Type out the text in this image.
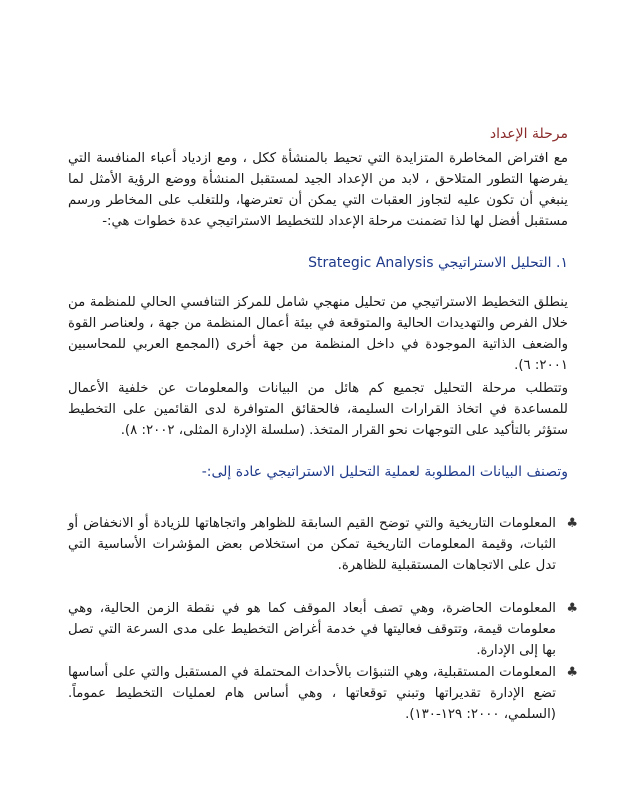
مرحلة الإعداد
مع افتراض المخاطرة المتزايدة التي تحيط بالمنشأة ككل ، ومع ازدياد أعباء المنافسة التي يفرضها التطور المتلاحق ، لابد من الإعداد الجيد لمستقبل المنشأة ووضع الرؤية الأمثل لما ينبغي أن تكون عليه لتجاوز العقبات التي يمكن أن تعترضها، وللتغلب على المخاطر ورسم مستقبل أفضل لها لذا تضمنت مرحلة الإعداد للتخطيط الاستراتيجي عدة خطوات هي:-
١. التحليل الاستراتيجي Strategic Analysis
ينطلق التخطيط الاستراتيجي من تحليل منهجي شامل للمركز التنافسي الحالي للمنظمة من خلال الفرص والتهديدات الحالية والمتوقعة في بيئة أعمال المنظمة من جهة ، ولعناصر القوة والضعف الذاتية الموجودة في داخل المنظمة من جهة أخرى (المجمع العربي للمحاسبين ٢٠٠١: ٦).
وتتطلب مرحلة التحليل تجميع كم هائل من البيانات والمعلومات عن خلفية الأعمال للمساعدة في اتخاذ القرارات السليمة، فالحقائق المتوافرة لدى القائمين على التخطيط ستؤثر بالتأكيد على التوجهات نحو القرار المتخذ. (سلسلة الإدارة المثلى، ٢٠٠٢: ٨).
وتصنف البيانات المطلوبة لعملية التحليل الاستراتيجي عادة إلى:-
♣
المعلومات التاريخية والتي توضح القيم السابقة للظواهر واتجاهاتها للزيادة أو الانخفاض أو الثبات، وقيمة المعلومات التاريخية تمكن من استخلاص بعض المؤشرات الأساسية التي تدل على الاتجاهات المستقبلية للظاهرة.
♣
المعلومات الحاضرة، وهي تصف أبعاد الموقف كما هو في نقطة الزمن الحالية، وهي معلومات قيمة، وتتوقف فعاليتها في خدمة أغراض التخطيط على مدى السرعة التي تصل بها إلى الإدارة.
♣
المعلومات المستقبلية، وهي التنبؤات بالأحداث المحتملة في المستقبل والتي على أساسها تضع الإدارة تقديراتها وتبني توقعاتها ، وهي أساس هام لعمليات التخطيط عموماً. (السلمي، ٢٠٠٠: ١٢٩-١٣٠).
